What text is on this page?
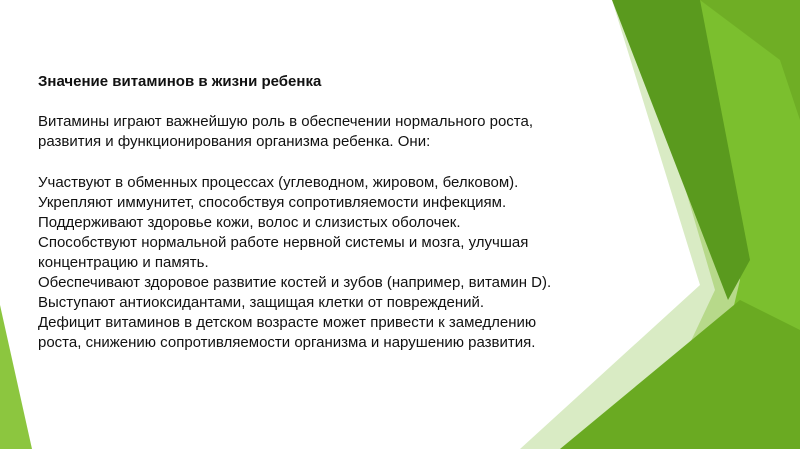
Значение витаминов в жизни ребенка
Витамины играют важнейшую роль в обеспечении нормального роста,
развития и функционирования организма ребенка. Они:
Участвуют в обменных процессах (углеводном, жировом, белковом).
Укрепляют иммунитет, способствуя сопротивляемости инфекциям.
Поддерживают здоровье кожи, волос и слизистых оболочек.
Способствуют нормальной работе нервной системы и мозга, улучшая
концентрацию и память.
Обеспечивают здоровое развитие костей и зубов (например, витамин D).
Выступают антиоксидантами, защищая клетки от повреждений.
Дефицит витаминов в детском возрасте может привести к замедлению
роста, снижению сопротивляемости организма и нарушению развития.
